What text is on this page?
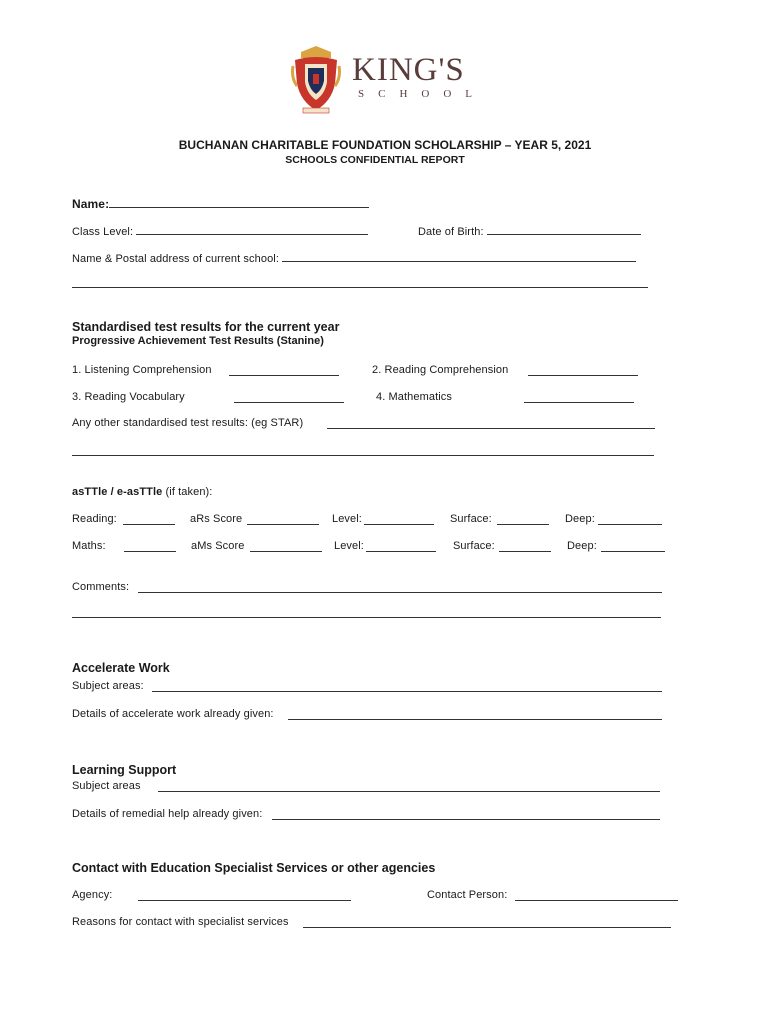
KING'S
SCHOOL
BUCHANAN CHARITABLE FOUNDATION SCHOLARSHIP – YEAR 5, 2021
SCHOOLS CONFIDENTIAL REPORT
Name:
Class Level:	Date of Birth:
Name & Postal address of current school:
Standardised test results for the current year
Progressive Achievement Test Results (Stanine)
1. Listening Comprehension	2. Reading Comprehension
3. Reading Vocabulary	4. Mathematics
Any other standardised test results: (eg STAR)
asTTle / e-asTTle (if taken):
Reading:	aRs Score	Level:	Surface:	Deep:
Maths:	aMs Score	Level:	Surface:	Deep:
Comments:
Accelerate Work
Subject areas:
Details of accelerate work already given:
Learning Support
Subject areas
Details of remedial help already given:
Contact with Education Specialist Services or other agencies
Agency:	Contact Person:
Reasons for contact with specialist services
